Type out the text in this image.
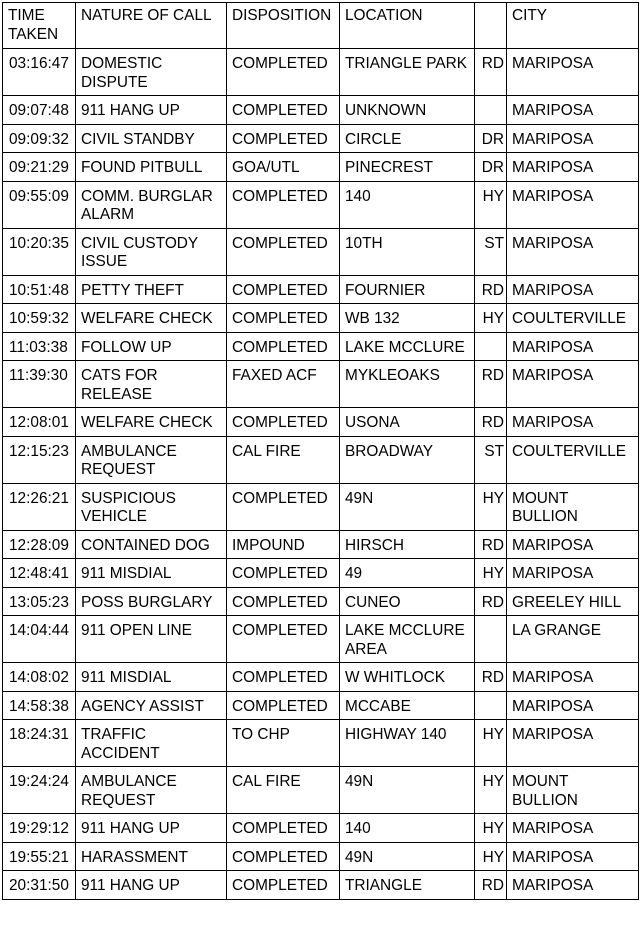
TIME TAKEN	NATURE OF CALL	DISPOSITION	LOCATION		CITY
03:16:47	DOMESTIC DISPUTE	COMPLETED	TRIANGLE PARK	RD	MARIPOSA
09:07:48	911 HANG UP	COMPLETED	UNKNOWN		MARIPOSA
09:09:32	CIVIL STANDBY	COMPLETED	CIRCLE	DR	MARIPOSA
09:21:29	FOUND PITBULL	GOA/UTL	PINECREST	DR	MARIPOSA
09:55:09	COMM. BURGLAR ALARM	COMPLETED	140	HY	MARIPOSA
10:20:35	CIVIL CUSTODY ISSUE	COMPLETED	10TH	ST	MARIPOSA
10:51:48	PETTY THEFT	COMPLETED	FOURNIER	RD	MARIPOSA
10:59:32	WELFARE CHECK	COMPLETED	WB 132	HY	COULTERVILLE
11:03:38	FOLLOW UP	COMPLETED	LAKE MCCLURE		MARIPOSA
11:39:30	CATS FOR RELEASE	FAXED ACF	MYKLEOAKS	RD	MARIPOSA
12:08:01	WELFARE CHECK	COMPLETED	USONA	RD	MARIPOSA
12:15:23	AMBULANCE REQUEST	CAL FIRE	BROADWAY	ST	COULTERVILLE
12:26:21	SUSPICIOUS VEHICLE	COMPLETED	49N	HY	MOUNT BULLION
12:28:09	CONTAINED DOG	IMPOUND	HIRSCH	RD	MARIPOSA
12:48:41	911 MISDIAL	COMPLETED	49	HY	MARIPOSA
13:05:23	POSS BURGLARY	COMPLETED	CUNEO	RD	GREELEY HILL
14:04:44	911 OPEN LINE	COMPLETED	LAKE MCCLURE AREA		LA GRANGE
14:08:02	911 MISDIAL	COMPLETED	W WHITLOCK	RD	MARIPOSA
14:58:38	AGENCY ASSIST	COMPLETED	MCCABE		MARIPOSA
18:24:31	TRAFFIC ACCIDENT	TO CHP	HIGHWAY 140	HY	MARIPOSA
19:24:24	AMBULANCE REQUEST	CAL FIRE	49N	HY	MOUNT BULLION
19:29:12	911 HANG UP	COMPLETED	140	HY	MARIPOSA
19:55:21	HARASSMENT	COMPLETED	49N	HY	MARIPOSA
20:31:50	911 HANG UP	COMPLETED	TRIANGLE	RD	MARIPOSA
